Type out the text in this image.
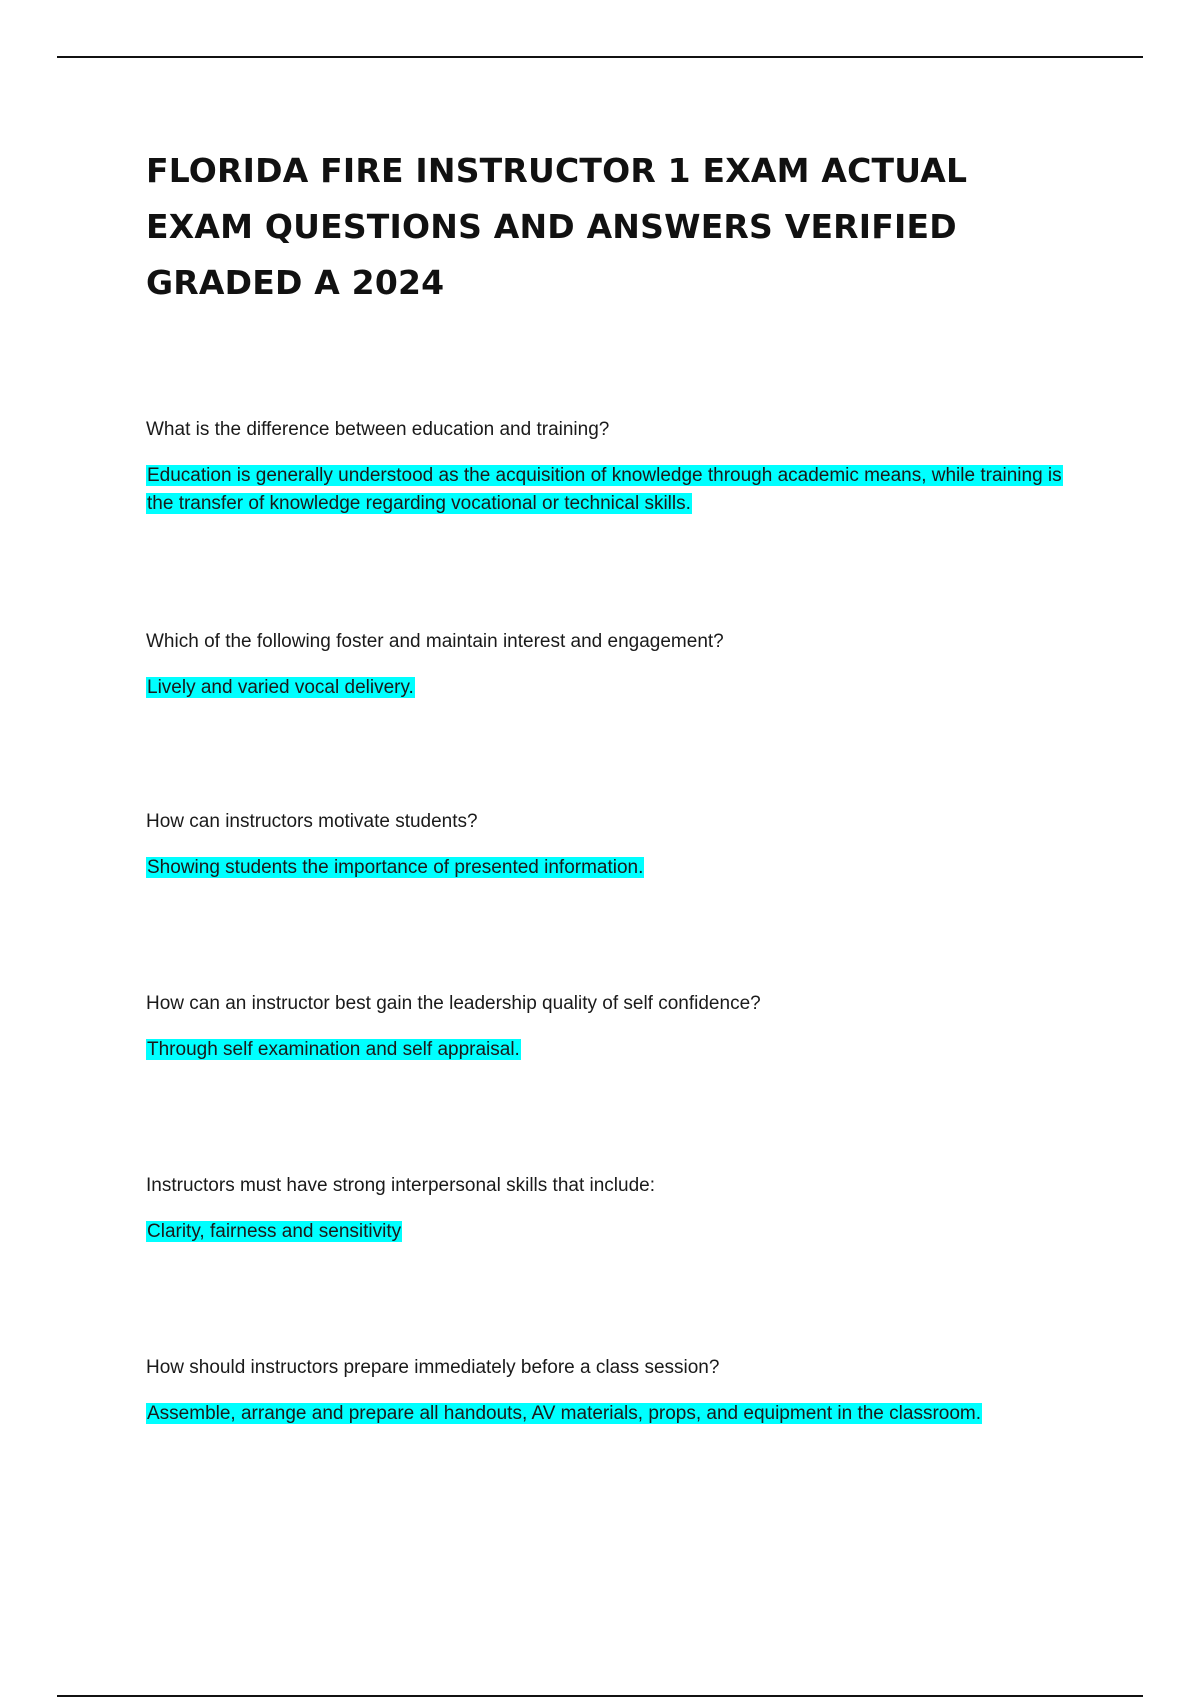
FLORIDA FIRE INSTRUCTOR 1 EXAM ACTUAL EXAM QUESTIONS AND ANSWERS VERIFIED GRADED A 2024

What is the difference between education and training?

Education is generally understood as the acquisition of knowledge through academic means, while training is the transfer of knowledge regarding vocational or technical skills.

Which of the following foster and maintain interest and engagement?

Lively and varied vocal delivery.

How can instructors motivate students?

Showing students the importance of presented information.

How can an instructor best gain the leadership quality of self confidence?

Through self examination and self appraisal.

Instructors must have strong interpersonal skills that include:

Clarity, fairness and sensitivity

How should instructors prepare immediately before a class session?

Assemble, arrange and prepare all handouts, AV materials, props, and equipment in the classroom.
